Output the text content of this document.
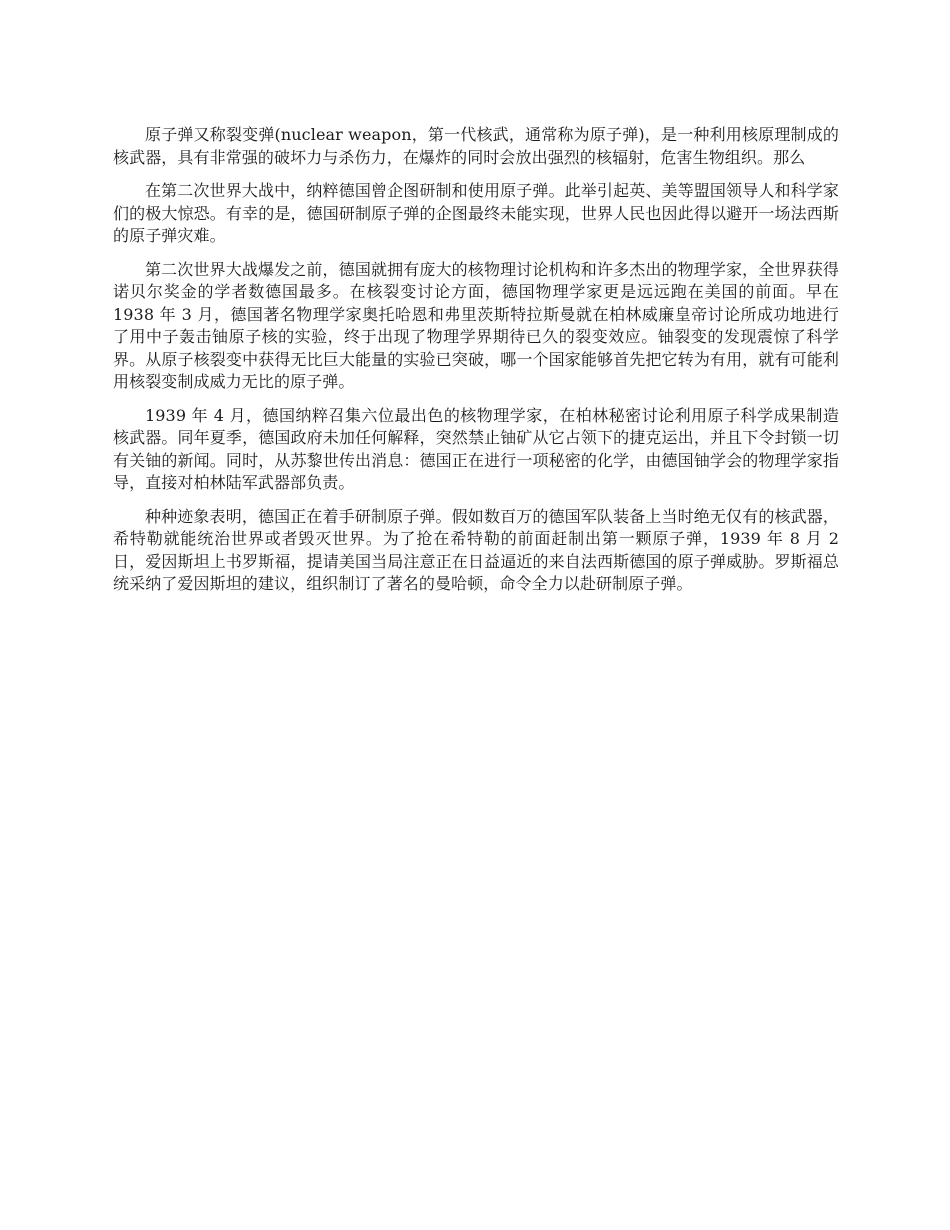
原子弹又称裂变弹(nuclear weapon，第一代核武，通常称为原子弹)，是一种利用核原理制成的核武器，具有非常强的破坏力与杀伤力，在爆炸的同时会放出强烈的核辐射，危害生物组织。那么

在第二次世界大战中，纳粹德国曾企图研制和使用原子弹。此举引起英、美等盟国领导人和科学家们的极大惊恐。有幸的是，德国研制原子弹的企图最终未能实现，世界人民也因此得以避开一场法西斯的原子弹灾难。

第二次世界大战爆发之前，德国就拥有庞大的核物理讨论机构和许多杰出的物理学家，全世界获得诺贝尔奖金的学者数德国最多。在核裂变讨论方面，德国物理学家更是远远跑在美国的前面。早在 1938 年 3 月，德国著名物理学家奥托哈恩和弗里茨斯特拉斯曼就在柏林威廉皇帝讨论所成功地进行了用中子轰击铀原子核的实验，终于出现了物理学界期待已久的裂变效应。铀裂变的发现震惊了科学界。从原子核裂变中获得无比巨大能量的实验已突破，哪一个国家能够首先把它转为有用，就有可能利用核裂变制成威力无比的原子弹。

1939 年 4 月，德国纳粹召集六位最出色的核物理学家，在柏林秘密讨论利用原子科学成果制造核武器。同年夏季，德国政府未加任何解释，突然禁止铀矿从它占领下的捷克运出，并且下令封锁一切有关铀的新闻。同时，从苏黎世传出消息：德国正在进行一项秘密的化学，由德国铀学会的物理学家指导，直接对柏林陆军武器部负责。

种种迹象表明，德国正在着手研制原子弹。假如数百万的德国军队装备上当时绝无仅有的核武器，希特勒就能统治世界或者毁灭世界。为了抢在希特勒的前面赶制出第一颗原子弹，1939 年 8 月 2 日，爱因斯坦上书罗斯福，提请美国当局注意正在日益逼近的来自法西斯德国的原子弹威胁。罗斯福总统采纳了爱因斯坦的建议，组织制订了著名的曼哈顿，命令全力以赴研制原子弹。
